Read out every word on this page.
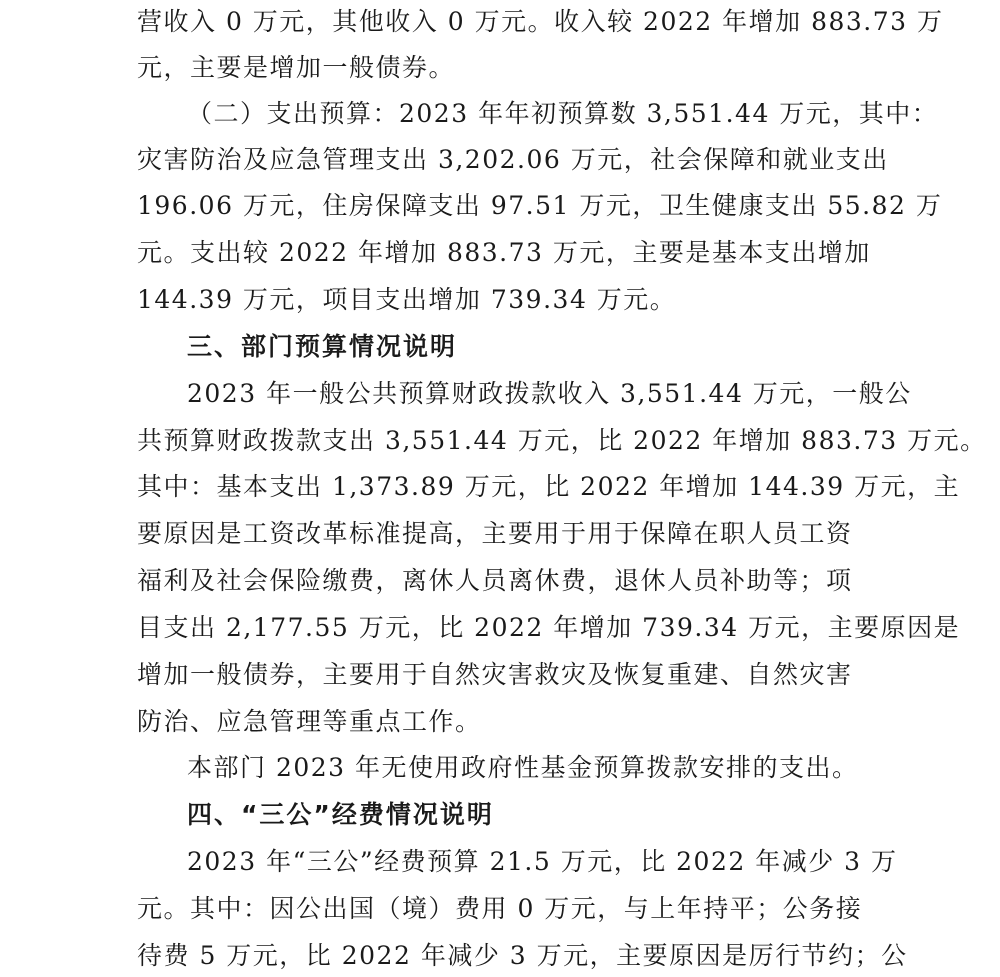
营收入 0 万元，其他收入 0 万元。收入较 2022 年增加 883.73 万
元，主要是增加一般债券。
（二）支出预算：2023 年年初预算数 3,551.44 万元，其中：
灾害防治及应急管理支出 3,202.06 万元，社会保障和就业支出
196.06 万元，住房保障支出 97.51 万元，卫生健康支出 55.82 万
元。支出较 2022 年增加 883.73 万元，主要是基本支出增加
144.39 万元，项目支出增加 739.34 万元。
三、部门预算情况说明
2023 年一般公共预算财政拨款收入 3,551.44 万元，一般公
共预算财政拨款支出 3,551.44 万元，比 2022 年增加 883.73 万元。
其中：基本支出 1,373.89 万元，比 2022 年增加 144.39 万元，主
要原因是工资改革标准提高，主要用于用于保障在职人员工资
福利及社会保险缴费，离休人员离休费，退休人员补助等；项
目支出 2,177.55 万元，比 2022 年增加 739.34 万元，主要原因是
增加一般债券，主要用于自然灾害救灾及恢复重建、自然灾害
防治、应急管理等重点工作。
本部门 2023 年无使用政府性基金预算拨款安排的支出。
四、“三公”经费情况说明
2023 年“三公”经费预算 21.5 万元，比 2022 年减少 3 万
元。其中：因公出国（境）费用 0 万元，与上年持平；公务接
待费 5 万元，比 2022 年减少 3 万元，主要原因是厉行节约；公
